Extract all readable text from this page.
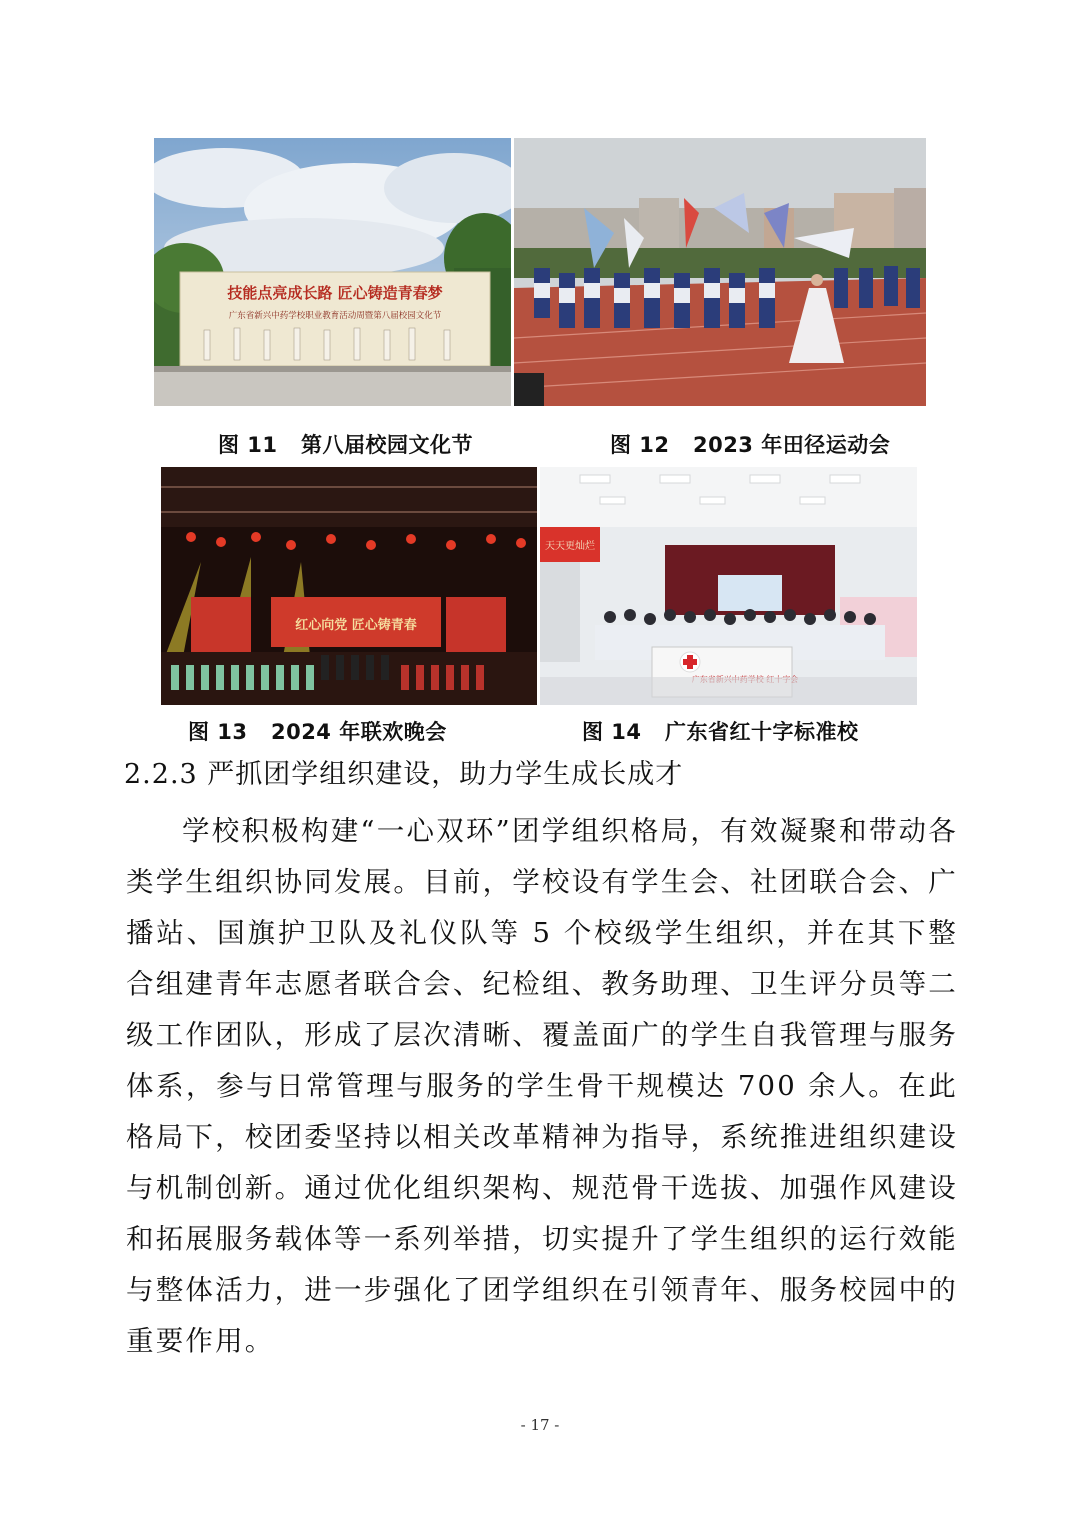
技能点亮成长路 匠心铸造青春梦
广东省新兴中药学校职业教育活动周暨第八届校园文化节
图 11   第八届校园文化节	图 12   2023 年田径运动会
红心向党 匠心铸青春
天天更灿烂
图 13   2024 年联欢晚会	图 14   广东省红十字标准校
2.2.3 严抓团学组织建设，助力学生成长成才
学校积极构建“一心双环”团学组织格局，有效凝聚和带动各类学生组织协同发展。目前，学校设有学生会、社团联合会、广播站、国旗护卫队及礼仪队等 5 个校级学生组织，并在其下整合组建青年志愿者联合会、纪检组、教务助理、卫生评分员等二级工作团队，形成了层次清晰、覆盖面广的学生自我管理与服务体系，参与日常管理与服务的学生骨干规模达 700 余人。在此格局下，校团委坚持以相关改革精神为指导，系统推进组织建设与机制创新。通过优化组织架构、规范骨干选拔、加强作风建设和拓展服务载体等一系列举措，切实提升了学生组织的运行效能与整体活力，进一步强化了团学组织在引领青年、服务校园中的重要作用。
- 17 -
